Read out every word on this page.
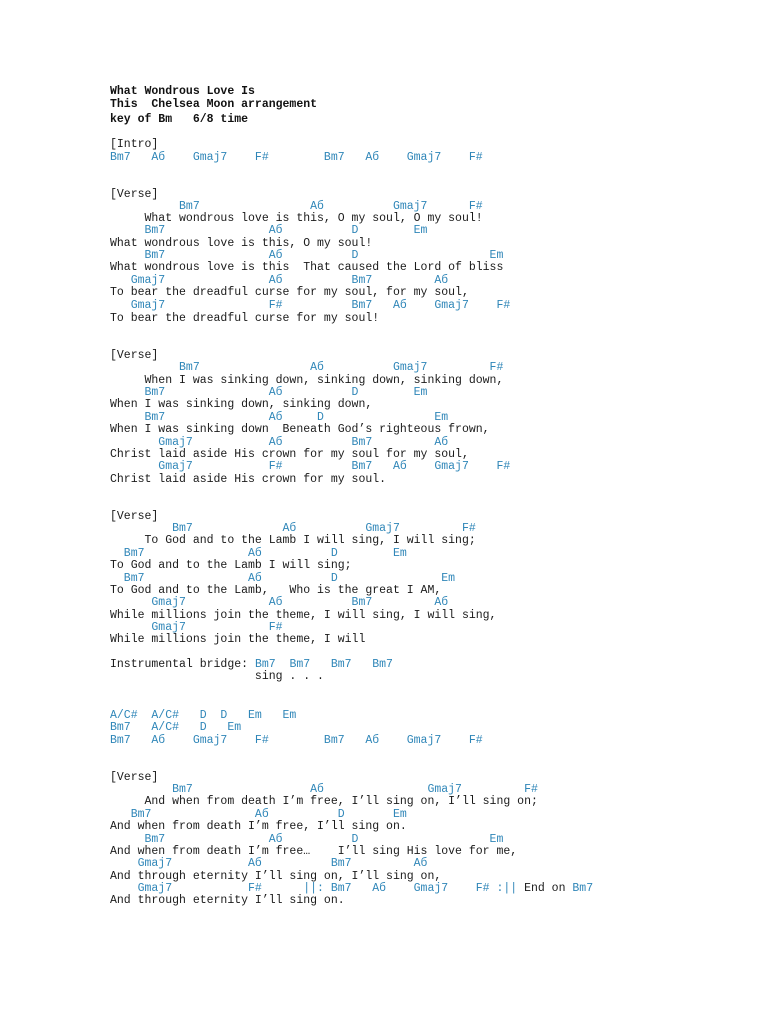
What Wondrous Love Is
This  Chelsea Moon arrangement
key of Bm   6/8 time
[Intro]
Bm7   Aб    Gmaj7    F#        Bm7   Aб    Gmaj7    F#
[Verse]
Bm7                Aб          Gmaj7      F#
What wondrous love is this, O my soul, O my soul!
Bm7               Aб          D        Em
What wondrous love is this, O my soul!
Bm7               Aб          D                   Em
What wondrous love is this  That caused the Lord of bliss
Gmaj7               Aб          Bm7         Aб
To bear the dreadful curse for my soul, for my soul,
Gmaj7               F#          Bm7   Aб    Gmaj7    F#
To bear the dreadful curse for my soul!
[Verse]
Bm7                Aб          Gmaj7         F#
When I was sinking down, sinking down, sinking down,
Bm7               Aб          D        Em
When I was sinking down, sinking down,
Bm7               Aб     D                Em
When I was sinking down  Beneath God’s righteous frown,
Gmaj7           Aб          Bm7         Aб
Christ laid aside His crown for my soul for my soul,
Gmaj7           F#          Bm7   Aб    Gmaj7    F#
Christ laid aside His crown for my soul.
[Verse]
Bm7             Aб          Gmaj7         F#
To God and to the Lamb I will sing, I will sing;
Bm7               Aб          D        Em
To God and to the Lamb I will sing;
Bm7               Aб          D               Em
To God and to the Lamb,   Who is the great I AM,
Gmaj7            Aб          Bm7         Aб
While millions join the theme, I will sing, I will sing,
Gmaj7            F#
While millions join the theme, I will
Instrumental bridge: Bm7  Bm7   Bm7   Bm7
sing . . .
A/C#  A/C#   D  D   Em   Em
Bm7   A/C#   D   Em
Bm7   Aб    Gmaj7    F#        Bm7   Aб    Gmaj7    F#
[Verse]
Bm7                 Aб               Gmaj7         F#
And when from death I’m free, I’ll sing on, I’ll sing on;
Bm7               Aб          D       Em
And when from death I’m free, I’ll sing on.
Bm7               Aб          D                   Em
And when from death I’m free…    I’ll sing His love for me,
Gmaj7           Aб          Bm7         Aб
And through eternity I’ll sing on, I’ll sing on,
Gmaj7           F#      ||: Bm7   Aб    Gmaj7    F# :|| End on Bm7
And through eternity I’ll sing on.
